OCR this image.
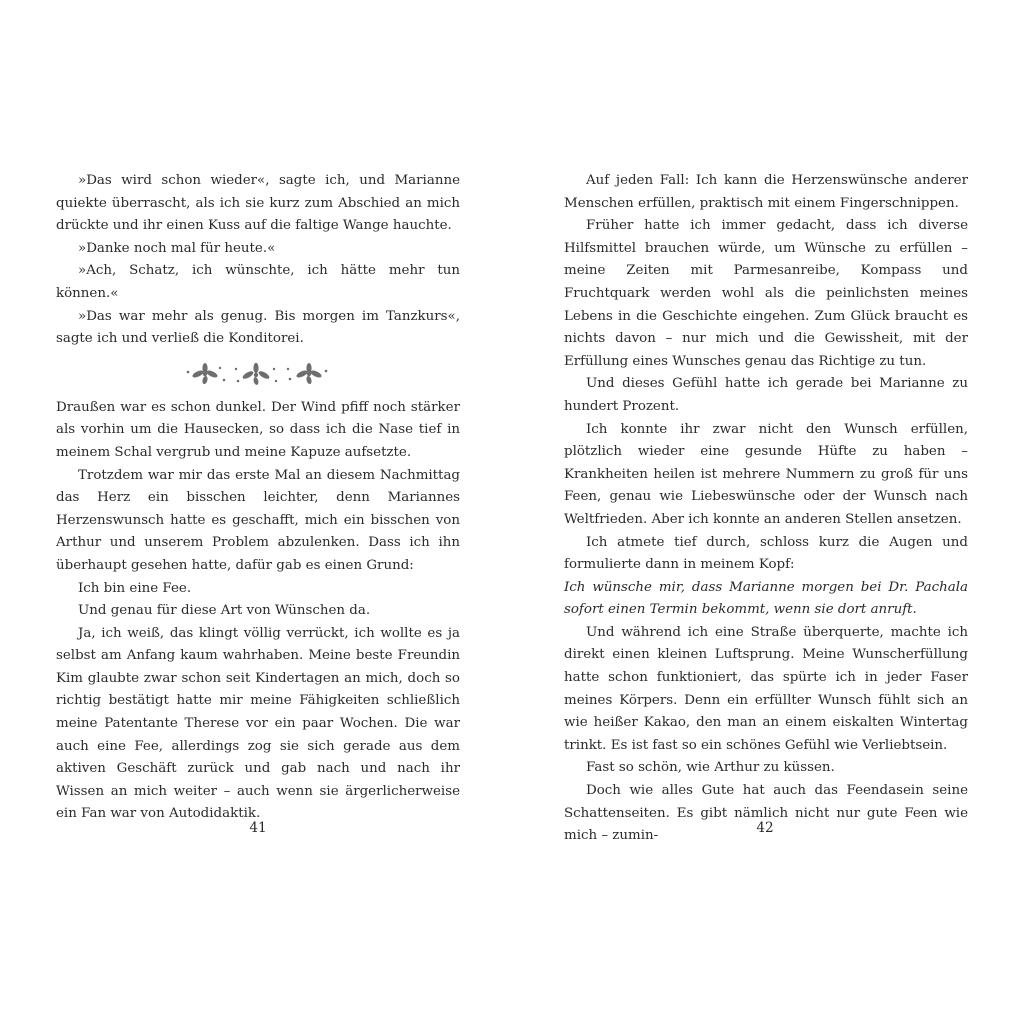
»Das wird schon wieder«, sagte ich, und Marianne quiekte überrascht, als ich sie kurz zum Abschied an mich drückte und ihr einen Kuss auf die faltige Wange hauchte.

»Danke noch mal für heute.«

»Ach, Schatz, ich wünschte, ich hätte mehr tun können.«

»Das war mehr als genug. Bis morgen im Tanzkurs«, sagte ich und verließ die Konditorei.

Draußen war es schon dunkel. Der Wind pfiff noch stärker als vorhin um die Hausecken, so dass ich die Nase tief in meinem Schal vergrub und meine Kapuze aufsetzte.

Trotzdem war mir das erste Mal an diesem Nachmittag das Herz ein bisschen leichter, denn Mariannes Herzenswunsch hatte es geschafft, mich ein bisschen von Arthur und unserem Problem abzulenken. Dass ich ihn überhaupt gesehen hatte, dafür gab es einen Grund:

Ich bin eine Fee.

Und genau für diese Art von Wünschen da.

Ja, ich weiß, das klingt völlig verrückt, ich wollte es ja selbst am Anfang kaum wahrhaben. Meine beste Freundin Kim glaubte zwar schon seit Kindertagen an mich, doch so richtig bestätigt hatte mir meine Fähigkeiten schließlich meine Patentante Therese vor ein paar Wochen. Die war auch eine Fee, allerdings zog sie sich gerade aus dem aktiven Geschäft zurück und gab nach und nach ihr Wissen an mich weiter – auch wenn sie ärgerlicherweise ein Fan war von Autodidaktik.

Auf jeden Fall: Ich kann die Herzenswünsche anderer Menschen erfüllen, praktisch mit einem Fingerschnippen.

Früher hatte ich immer gedacht, dass ich diverse Hilfsmittel brauchen würde, um Wünsche zu erfüllen – meine Zeiten mit Parmesanreibe, Kompass und Fruchtquark werden wohl als die peinlichsten meines Lebens in die Geschichte eingehen. Zum Glück braucht es nichts davon – nur mich und die Gewissheit, mit der Erfüllung eines Wunsches genau das Richtige zu tun.

Und dieses Gefühl hatte ich gerade bei Marianne zu hundert Prozent.

Ich konnte ihr zwar nicht den Wunsch erfüllen, plötzlich wieder eine gesunde Hüfte zu haben – Krankheiten heilen ist mehrere Nummern zu groß für uns Feen, genau wie Liebeswünsche oder der Wunsch nach Weltfrieden. Aber ich konnte an anderen Stellen ansetzen.

Ich atmete tief durch, schloss kurz die Augen und formulierte dann in meinem Kopf:

Ich wünsche mir, dass Marianne morgen bei Dr. Pachala sofort einen Termin bekommt, wenn sie dort anruft.

Und während ich eine Straße überquerte, machte ich direkt einen kleinen Luftsprung. Meine Wunscherfüllung hatte schon funktioniert, das spürte ich in jeder Faser meines Körpers. Denn ein erfüllter Wunsch fühlt sich an wie heißer Kakao, den man an einem eiskalten Wintertag trinkt. Es ist fast so ein schönes Gefühl wie Verliebtsein.

Fast so schön, wie Arthur zu küssen.

Doch wie alles Gute hat auch das Feendasein seine Schattenseiten. Es gibt nämlich nicht nur gute Feen wie mich – zumin-

41	42
